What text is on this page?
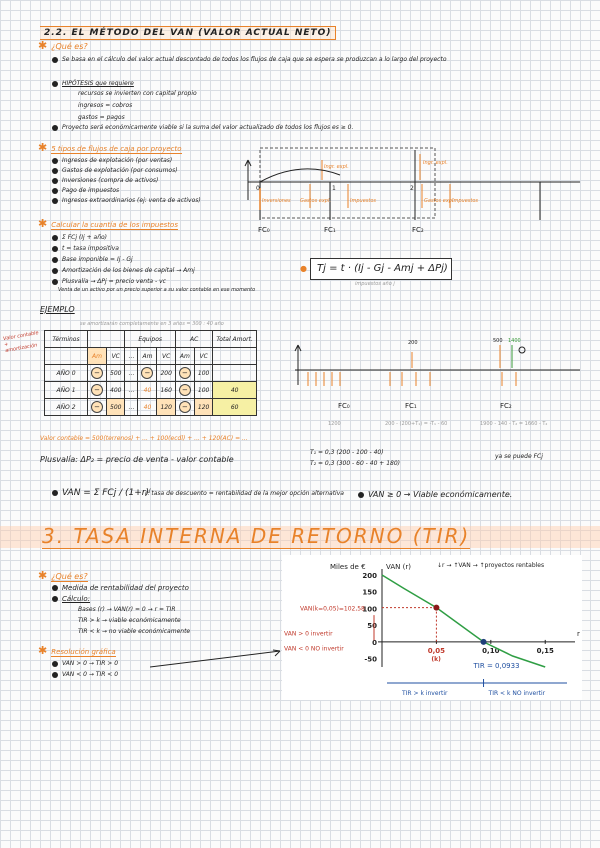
2.2. EL MÉTODO DEL VAN (VALOR ACTUAL NETO)
✱ ¿Qué es?
Se basa en el cálculo del valor actual descontado de todos los flujos de caja que se espera se produzcan a lo largo del proyecto
HIPÓTESIS que requiere
recursos se invierten con capital propio
ingresos = cobros
gastos = pagos
Proyecto será económicamente viable si la suma del valor actualizado de todos los flujos es ≥ 0.
✱ 5 tipos de flujos de caja por proyecto
Ingresos de explotación (por ventas)
Gastos de explotación (por consumos)
Inversiones (compra de activos)
Pago de impuestos
Ingresos extraordinarios (ej: venta de activos)	Inversiones Gastos expl.
Ingr. expl.
Impuestos
Ingr. expl.
Gastos expl.
Impuestos
0	1	2
FC₀	FC₁	FC₂
✱ Calcular la cuantía de los impuestos
Σ FCj (Ij + año)
t = tasa impositiva
Base imponible = Ij - Gj
Amortización de los bienes de capital → Amj
Plusvalía → ΔPj = precio venta - vc
Venta de un activo por un precio superior a su valor contable en ese momento
Tj = t · (Ij - Gj - Amj + ΔPj)
●
impuestos año j
EJEMPLO
se amortizarán completamente en 3 años = 300 : 40 año
Valor contable + amortización
Términos			Equipos			AC		Total Amort.
	Am	VC	…	Am	VC	Am	VC	
AÑO 0	−	500	…	−	200	−	100	
AÑO 1	−	400	…	40	160	−	100	40
AÑO 2	−	500	…	40	120	−	120	60
200	500 1400
FC₀	FC₁	FC₂
1200	200 - (200+T₁) = -T₁ - 60	1900 - 140 - T₂ = 1660 - T₂
Valor contable = 500(terrenos) + ... + 100(ecdl) + ... + 120(AC) = ...
Plusvalía: ΔP₂ = precio de venta - valor contable
T₁ = 0,3 (200 - 100 - 40)
T₂ = 0,3 (300 - 60 - 40 + 180)
ya se puede FCj
VAN = Σ FCj / (1+r)ʲ
r: tasa de descuento = rentabilidad de la mejor opción alternativa	VAN ≥ 0 → Viable económicamente.
3. TASA INTERNA DE RETORNO (TIR)
✱ ¿Qué es?
Medida de rentabilidad del proyecto
Cálculo:
Bases (r) → VAN(r) = 0 → r = TIR
TIR > k → viable económicamente
TIR < k → no viable económicamente
✱ Resolución gráfica
VAN > 0 → TIR > 0
VAN < 0 → TIR < 0
200
150
100
50
0
-50
0,05	0,10	0,15
r
Miles de €	VAN (r)
VAN(k=0,05)=102,58
(k)
TIR = 0,0933
↓r → ↑VAN → ↑proyectos rentables
VAN > 0 invertir
VAN < 0 NO invertir
TIR > k invertir	TIR < k NO invertir
